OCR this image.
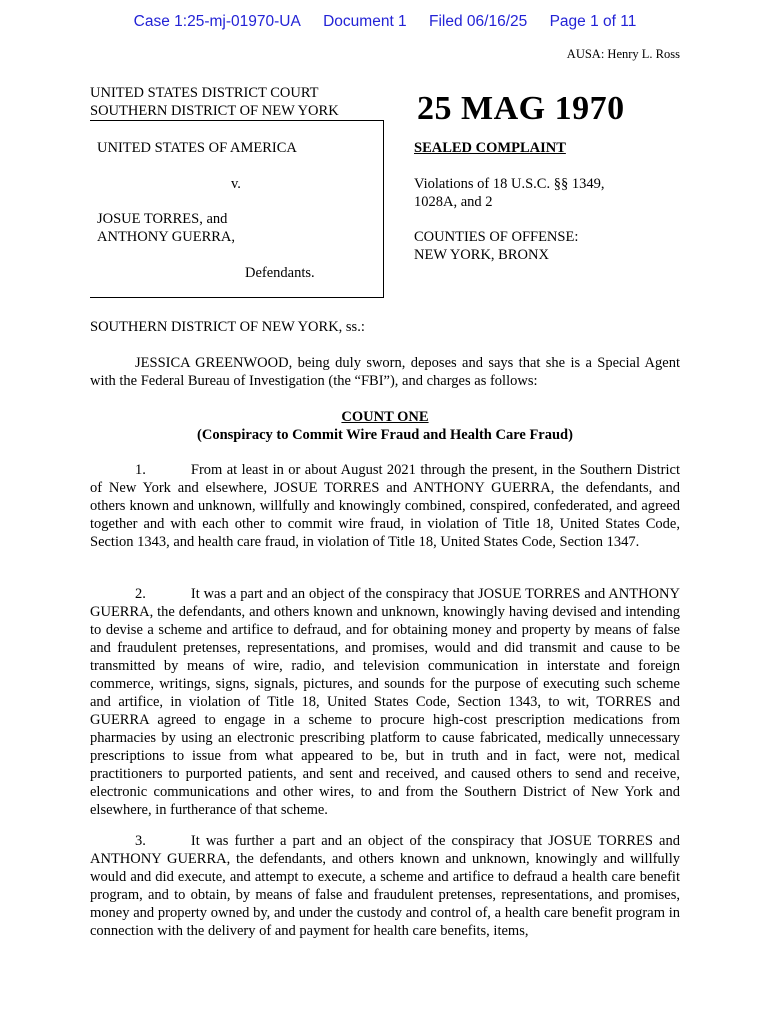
Case 1:25-mj-01970-UA Document 1 Filed 06/16/25 Page 1 of 11
AUSA: Henry L. Ross
UNITED STATES DISTRICT COURT
SOUTHERN DISTRICT OF NEW YORK
UNITED STATES OF AMERICA
v.
JOSUE TORRES, and
ANTHONY GUERRA,
Defendants.
25 MAG 1970
SEALED COMPLAINT
Violations of 18 U.S.C. §§ 1349,
1028A, and 2
COUNTIES OF OFFENSE:
NEW YORK, BRONX
SOUTHERN DISTRICT OF NEW YORK, ss.:
JESSICA GREENWOOD, being duly sworn, deposes and says that she is a Special Agent with the Federal Bureau of Investigation (the “FBI”), and charges as follows:
COUNT ONE
(Conspiracy to Commit Wire Fraud and Health Care Fraud)
1.	From at least in or about August 2021 through the present, in the Southern District of New York and elsewhere, JOSUE TORRES and ANTHONY GUERRA, the defendants, and others known and unknown, willfully and knowingly combined, conspired, confederated, and agreed together and with each other to commit wire fraud, in violation of Title 18, United States Code, Section 1343, and health care fraud, in violation of Title 18, United States Code, Section 1347.
2.	It was a part and an object of the conspiracy that JOSUE TORRES and ANTHONY GUERRA, the defendants, and others known and unknown, knowingly having devised and intending to devise a scheme and artifice to defraud, and for obtaining money and property by means of false and fraudulent pretenses, representations, and promises, would and did transmit and cause to be transmitted by means of wire, radio, and television communication in interstate and foreign commerce, writings, signs, signals, pictures, and sounds for the purpose of executing such scheme and artifice, in violation of Title 18, United States Code, Section 1343, to wit, TORRES and GUERRA agreed to engage in a scheme to procure high-cost prescription medications from pharmacies by using an electronic prescribing platform to cause fabricated, medically unnecessary prescriptions to issue from what appeared to be, but in truth and in fact, were not, medical practitioners to purported patients, and sent and received, and caused others to send and receive, electronic communications and other wires, to and from the Southern District of New York and elsewhere, in furtherance of that scheme.
3.	It was further a part and an object of the conspiracy that JOSUE TORRES and ANTHONY GUERRA, the defendants, and others known and unknown, knowingly and willfully would and did execute, and attempt to execute, a scheme and artifice to defraud a health care benefit program, and to obtain, by means of false and fraudulent pretenses, representations, and promises, money and property owned by, and under the custody and control of, a health care benefit program in connection with the delivery of and payment for health care benefits, items,
